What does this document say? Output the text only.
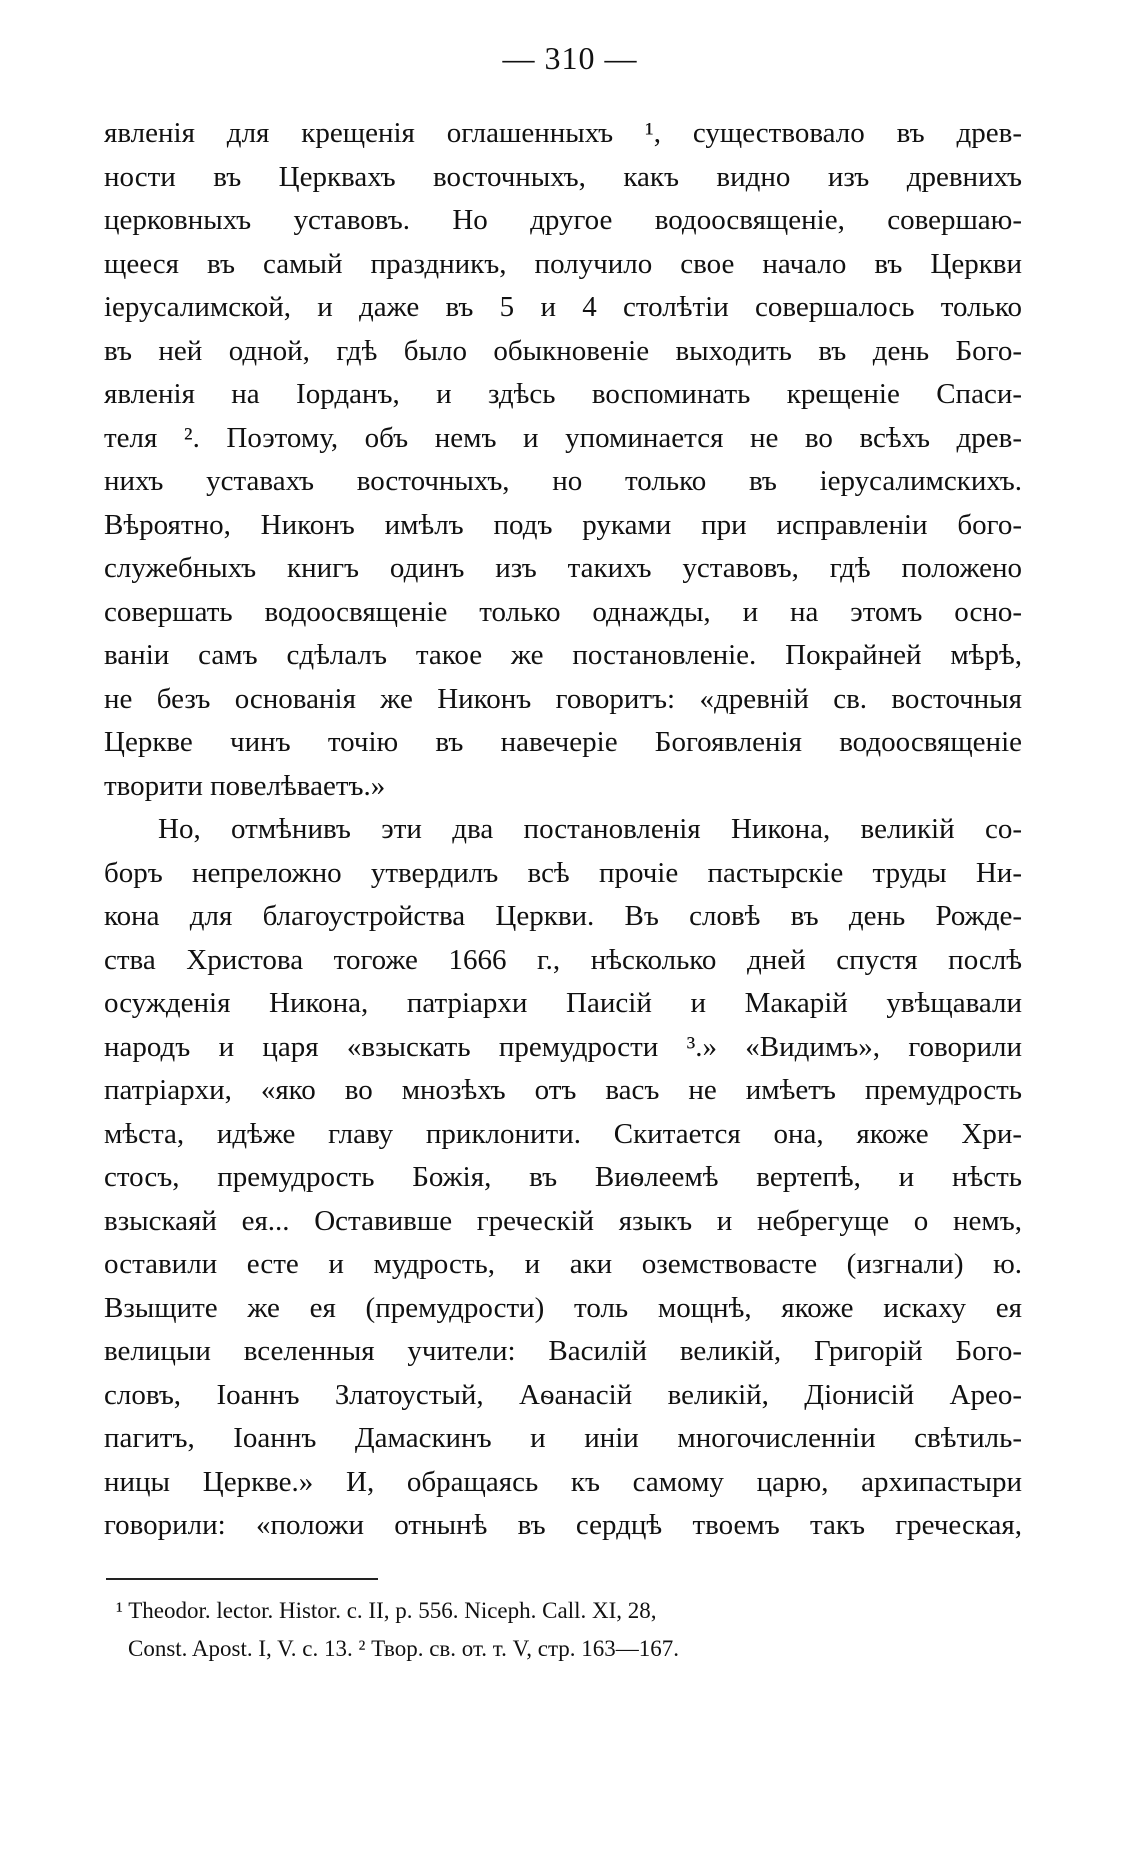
— 310 —
явленія для крещенія оглашенныхъ ¹, существовало въ древ-
ности въ Церквахъ восточныхъ, какъ видно изъ древнихъ
церковныхъ уставовъ. Но другое водоосвященіе, совершаю-
щееся въ самый праздникъ, получило свое начало въ Церкви
іерусалимской, и даже въ 5 и 4 столѣтіи совершалось только
въ ней одной, гдѣ было обыкновеніе выходить въ день Бого-
явленія на Іорданъ, и здѣсь воспоминать крещеніе Спаси-
теля ². Поэтому, объ немъ и упоминается не во всѣхъ древ-
нихъ уставахъ восточныхъ, но только въ іерусалимскихъ.
Вѣроятно, Никонъ имѣлъ подъ руками при исправленіи бого-
служебныхъ книгъ одинъ изъ такихъ уставовъ, гдѣ положено
совершать водоосвященіе только однажды, и на этомъ осно-
ваніи самъ сдѣлалъ такое же постановленіе. Покрайней мѣрѣ,
не безъ основанія же Никонъ говоритъ: «древній св. восточныя
Церкве чинъ точію въ навечеріе Богоявленія водоосвященіе
творити повелѣваетъ.»
Но, отмѣнивъ эти два постановленія Никона, великій со-
боръ непреложно утвердилъ всѣ прочіе пастырскіе труды Ни-
кона для благоустройства Церкви. Въ словѣ въ день Рождe-
ства Христова тогоже 1666 г., нѣсколько дней спустя послѣ
осужденія Никона, патріархи Паисій и Макарій увѣщавали
народъ и царя «взыскать премудрости ³.» «Видимъ», говорили
патріархи, «яко во мнозѣхъ отъ васъ не имѣетъ премудрость
мѣста, идѣже главу приклонити. Скитается она, якоже Хри-
стосъ, премудрость Божія, въ Виѳлеемѣ вертепѣ, и нѣсть
взыскаяй ея... Оставивше греческій языкъ и небрегуще о немъ,
оставили есте и мудрость, и аки оземствовасте (изгнали) ю.
Взыщите же ея (премудрости) толь мощнѣ, якоже искаху ея
велицыи вселенныя учители: Василій великій, Григорій Бого-
словъ, Іоаннъ Златоустый, Аѳанасій великій, Діонисій Арео-
пагитъ, Іоаннъ Дамаскинъ и иніи многочисленніи свѣтиль-
ницы Церкве.» И, обращаясь къ самому царю, архипастыри
говорили: «положи отнынѣ въ сердцѣ твоемъ такъ греческая,
¹ Theodor. lector. Histor. c. II, p. 556. Niceph. Call. XI, 28,
Const. Apost. I, V. c. 13. ² Твор. св. от. т. V, стр. 163—167.
